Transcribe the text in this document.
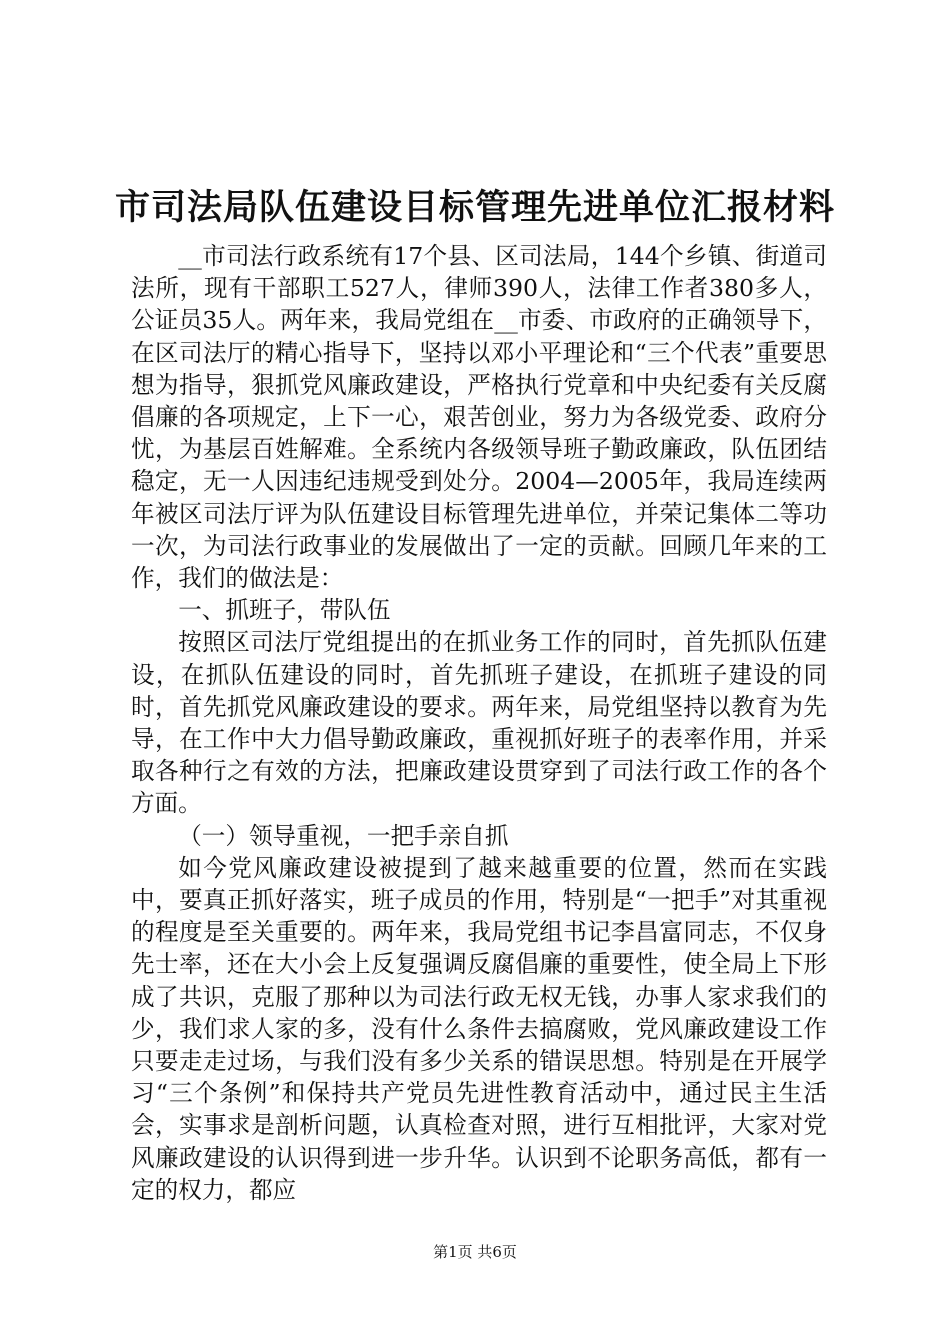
市司法局队伍建设目标管理先进单位汇报材料

__市司法行政系统有17个县、区司法局，144个乡镇、街道司法所，现有干部职工527人，律师390人，法律工作者380多人，公证员35人。两年来，我局党组在__市委、市政府的正确领导下，在区司法厅的精心指导下，坚持以邓小平理论和“三个代表”重要思想为指导，狠抓党风廉政建设，严格执行党章和中央纪委有关反腐倡廉的各项规定，上下一心，艰苦创业，努力为各级党委、政府分忧，为基层百姓解难。全系统内各级领导班子勤政廉政，队伍团结稳定，无一人因违纪违规受到处分。2004—2005年，我局连续两年被区司法厅评为队伍建设目标管理先进单位，并荣记集体二等功一次，为司法行政事业的发展做出了一定的贡献。回顾几年来的工作，我们的做法是：

一、抓班子，带队伍

按照区司法厅党组提出的在抓业务工作的同时，首先抓队伍建设，在抓队伍建设的同时，首先抓班子建设，在抓班子建设的同时，首先抓党风廉政建设的要求。两年来，局党组坚持以教育为先导，在工作中大力倡导勤政廉政，重视抓好班子的表率作用，并采取各种行之有效的方法，把廉政建设贯穿到了司法行政工作的各个方面。

（一）领导重视，一把手亲自抓

如今党风廉政建设被提到了越来越重要的位置，然而在实践中，要真正抓好落实，班子成员的作用，特别是“一把手”对其重视的程度是至关重要的。两年来，我局党组书记李昌富同志，不仅身先士率，还在大小会上反复强调反腐倡廉的重要性，使全局上下形成了共识，克服了那种以为司法行政无权无钱，办事人家求我们的少，我们求人家的多，没有什么条件去搞腐败，党风廉政建设工作只要走走过场，与我们没有多少关系的错误思想。特别是在开展学习“三个条例”和保持共产党员先进性教育活动中，通过民主生活会，实事求是剖析问题，认真检查对照，进行互相批评，大家对党风廉政建设的认识得到进一步升华。认识到不论职务高低，都有一定的权力，都应

第1页 共6页
